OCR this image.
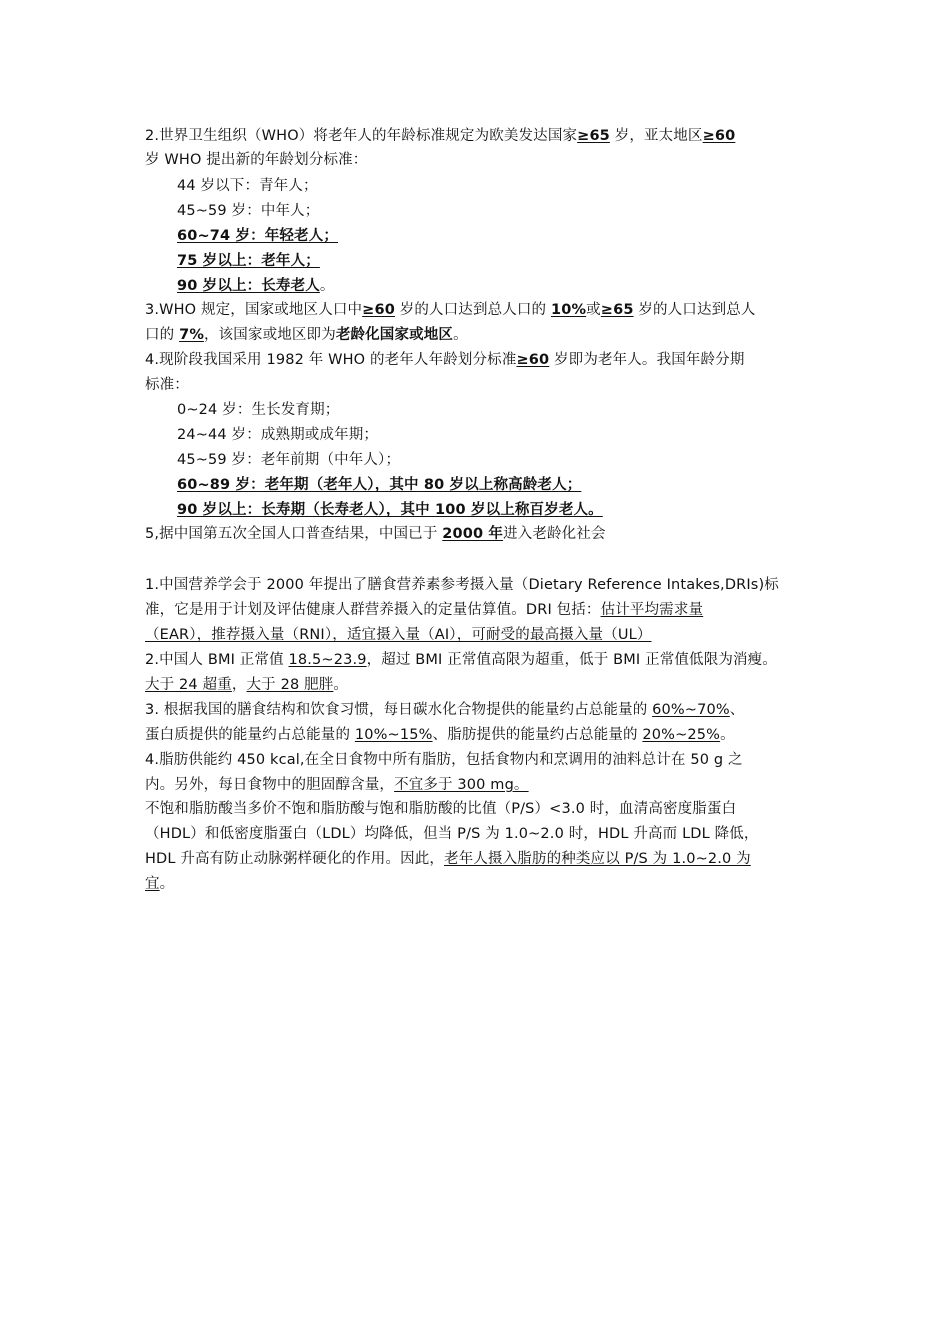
2.世界卫生组织（WHO）将老年人的年龄标准规定为欧美发达国家≥65 岁，亚太地区≥60
岁 WHO 提出新的年龄划分标准：
44 岁以下：青年人；
45~59 岁：中年人；
60~74 岁：年轻老人；
75 岁以上：老年人；
90 岁以上：长寿老人。
3.WHO 规定，国家或地区人口中≥60 岁的人口达到总人口的 10%或≥65 岁的人口达到总人
口的 7%，该国家或地区即为老龄化国家或地区。
4.现阶段我国采用 1982 年 WHO 的老年人年龄划分标准≥60 岁即为老年人。我国年龄分期
标准：
0~24 岁：生长发育期；
24~44 岁：成熟期或成年期；
45~59 岁：老年前期（中年人）；
60~89 岁：老年期（老年人），其中 80 岁以上称高龄老人；
90 岁以上：长寿期（长寿老人），其中 100 岁以上称百岁老人。
5,据中国第五次全国人口普查结果，中国已于 2000 年进入老龄化社会
1.中国营养学会于 2000 年提出了膳食营养素参考摄入量（Dietary Reference Intakes,DRIs)标
准，它是用于计划及评估健康人群营养摄入的定量估算值。DRI 包括：估计平均需求量
（EAR），推荐摄入量（RNI），适宜摄入量（AI），可耐受的最高摄入量（UL）
2.中国人 BMI 正常值 18.5~23.9，超过 BMI 正常值高限为超重，低于 BMI 正常值低限为消瘦。
大于 24 超重，大于 28 肥胖。
3. 根据我国的膳食结构和饮食习惯，每日碳水化合物提供的能量约占总能量的 60%~70%、
蛋白质提供的能量约占总能量的 10%~15%、脂肪提供的能量约占总能量的 20%~25%。
4.脂肪供能约 450 kcal,在全日食物中所有脂肪，包括食物内和烹调用的油料总计在 50 g 之
内。另外，每日食物中的胆固醇含量，不宜多于 300 mg。
不饱和脂肪酸当多价不饱和脂肪酸与饱和脂肪酸的比值（P/S）<3.0 时，血清高密度脂蛋白
（HDL）和低密度脂蛋白（LDL）均降低，但当 P/S 为 1.0~2.0 时，HDL 升高而 LDL 降低，
HDL 升高有防止动脉粥样硬化的作用。因此，老年人摄入脂肪的种类应以 P/S 为 1.0~2.0 为
宜。
